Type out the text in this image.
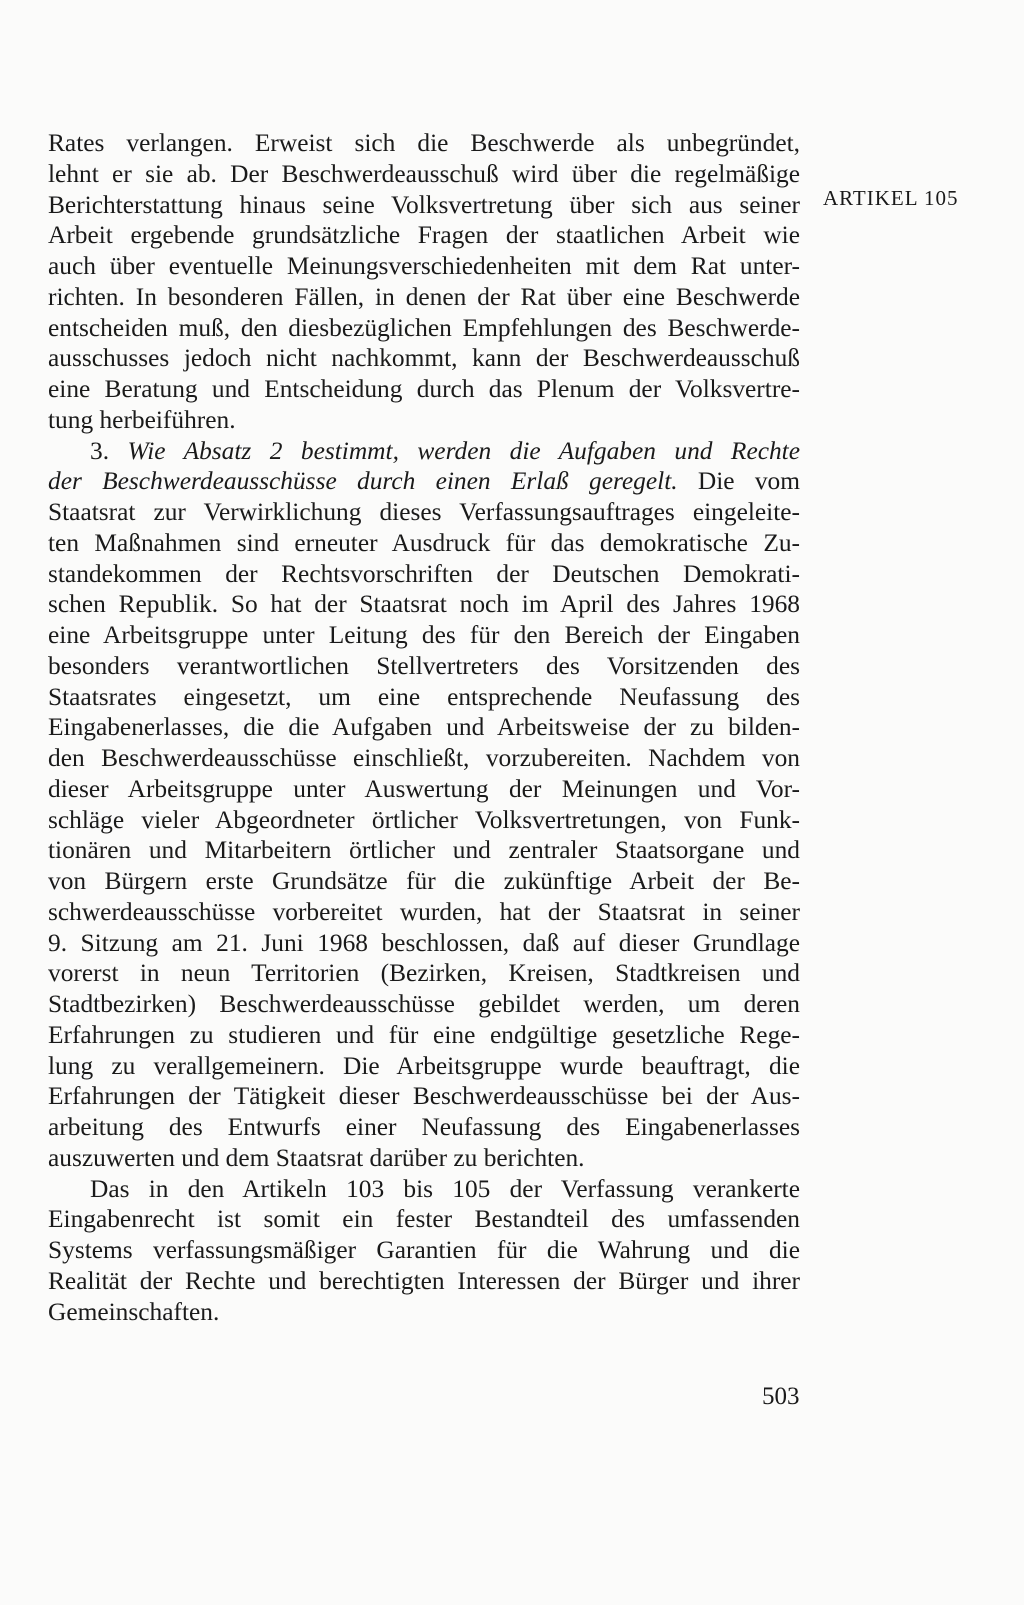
ARTIKEL 105
Rates verlangen. Erweist sich die Beschwerde als unbegründet,
lehnt er sie ab. Der Beschwerdeausschuß wird über die regelmäßige
Berichterstattung hinaus seine Volksvertretung über sich aus seiner
Arbeit ergebende grundsätzliche Fragen der staatlichen Arbeit wie
auch über eventuelle Meinungsverschiedenheiten mit dem Rat unter-
richten. In besonderen Fällen, in denen der Rat über eine Beschwerde
entscheiden muß, den diesbezüglichen Empfehlungen des Beschwerde-
ausschusses jedoch nicht nachkommt, kann der Beschwerdeausschuß
eine Beratung und Entscheidung durch das Plenum der Volksvertre-
tung herbeiführen.
3. Wie Absatz 2 bestimmt, werden die Aufgaben und Rechte
der Beschwerdeausschüsse durch einen Erlaß geregelt. Die vom
Staatsrat zur Verwirklichung dieses Verfassungsauftrages eingeleite-
ten Maßnahmen sind erneuter Ausdruck für das demokratische Zu-
standekommen der Rechtsvorschriften der Deutschen Demokrati-
schen Republik. So hat der Staatsrat noch im April des Jahres 1968
eine Arbeitsgruppe unter Leitung des für den Bereich der Eingaben
besonders verantwortlichen Stellvertreters des Vorsitzenden des
Staatsrates eingesetzt, um eine entsprechende Neufassung des
Eingabenerlasses, die die Aufgaben und Arbeitsweise der zu bilden-
den Beschwerdeausschüsse einschließt, vorzubereiten. Nachdem von
dieser Arbeitsgruppe unter Auswertung der Meinungen und Vor-
schläge vieler Abgeordneter örtlicher Volksvertretungen, von Funk-
tionären und Mitarbeitern örtlicher und zentraler Staatsorgane und
von Bürgern erste Grundsätze für die zukünftige Arbeit der Be-
schwerdeausschüsse vorbereitet wurden, hat der Staatsrat in seiner
9. Sitzung am 21. Juni 1968 beschlossen, daß auf dieser Grundlage
vorerst in neun Territorien (Bezirken, Kreisen, Stadtkreisen und
Stadtbezirken) Beschwerdeausschüsse gebildet werden, um deren
Erfahrungen zu studieren und für eine endgültige gesetzliche Rege-
lung zu verallgemeinern. Die Arbeitsgruppe wurde beauftragt, die
Erfahrungen der Tätigkeit dieser Beschwerdeausschüsse bei der Aus-
arbeitung des Entwurfs einer Neufassung des Eingabenerlasses
auszuwerten und dem Staatsrat darüber zu berichten.
Das in den Artikeln 103 bis 105 der Verfassung verankerte
Eingabenrecht ist somit ein fester Bestandteil des umfassenden
Systems verfassungsmäßiger Garantien für die Wahrung und die
Realität der Rechte und berechtigten Interessen der Bürger und ihrer
Gemeinschaften.
503
